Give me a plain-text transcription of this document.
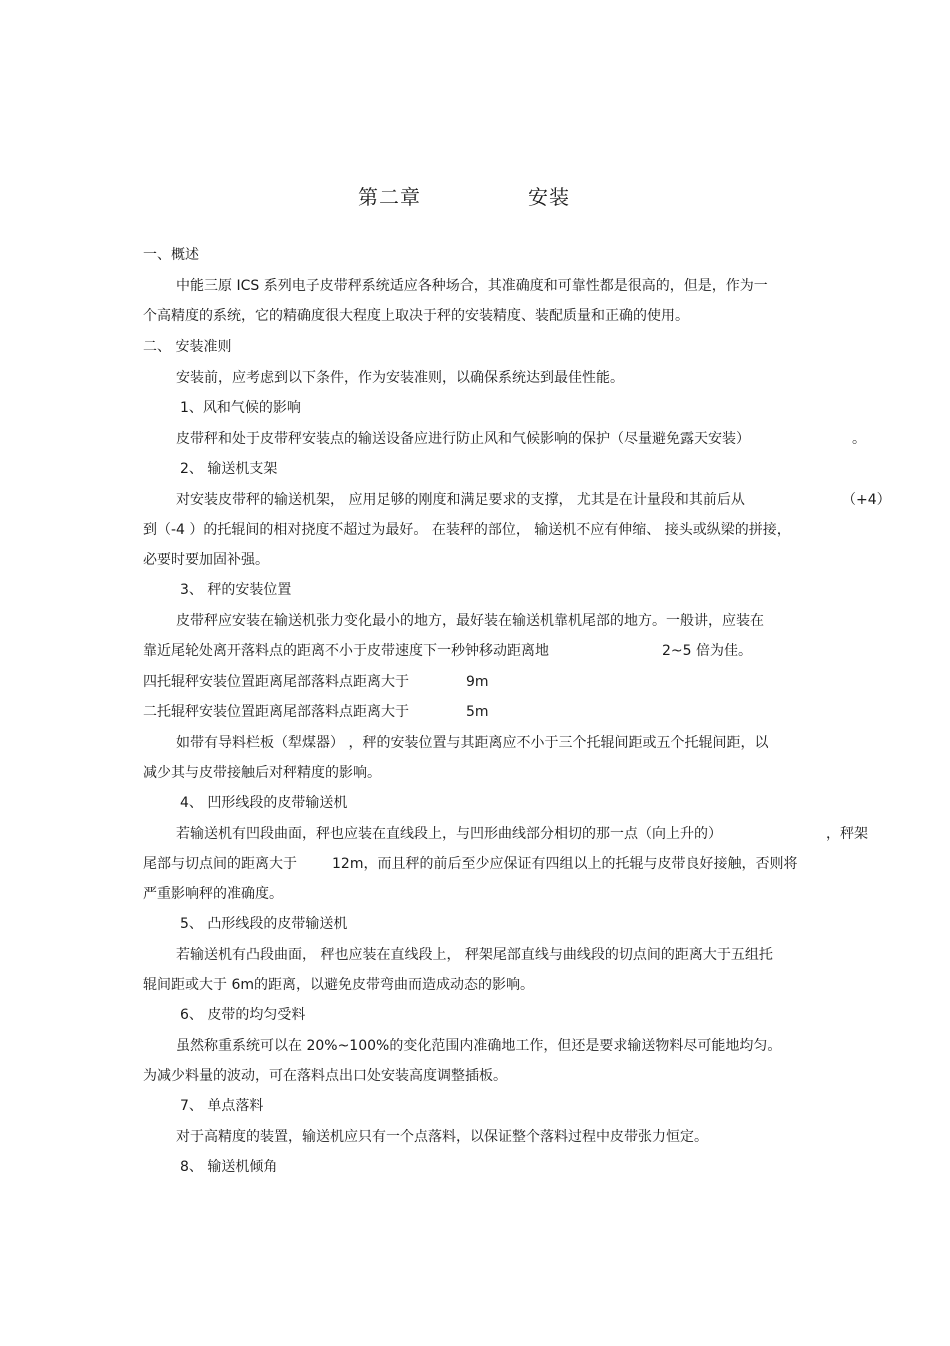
第二章	安装
一、概述
中能三原 ICS 系列电子皮带秤系统适应各种场合，其准确度和可靠性都是很高的，但是，作为一
个高精度的系统，它的精确度很大程度上取决于秤的安装精度、装配质量和正确的使用。
二、 安装准则
安装前，应考虑到以下条件，作为安装准则，以确保系统达到最佳性能。
1、风和气候的影响
皮带秤和处于皮带秤安装点的输送设备应进行防止风和气候影响的保护（尽量避免露天安装）	。
2、 输送机支架
对安装皮带秤的输送机架， 应用足够的刚度和满足要求的支撑， 尤其是在计量段和其前后从	（+4）
到（-4 ）的托辊间的相对挠度不超过为最好。 在装秤的部位， 输送机不应有伸缩、 接头或纵梁的拼接，
必要时要加固补强。
3、 秤的安装位置
皮带秤应安装在输送机张力变化最小的地方，最好装在输送机靠机尾部的地方。一般讲，应装在
靠近尾轮处离开落料点的距离不小于皮带速度下一秒钟移动距离地	2~5 倍为佳。
四托辊秤安装位置距离尾部落料点距离大于	9m
二托辊秤安装位置距离尾部落料点距离大于	5m
如带有导料栏板（犁煤器） ，秤的安装位置与其距离应不小于三个托辊间距或五个托辊间距，以
减少其与皮带接触后对秤精度的影响。
4、 凹形线段的皮带输送机
若输送机有凹段曲面，秤也应装在直线段上，与凹形曲线部分相切的那一点（向上升的）	，秤架
尾部与切点间的距离大于	12m，而且秤的前后至少应保证有四组以上的托辊与皮带良好接触，否则将
严重影响秤的准确度。
5、 凸形线段的皮带输送机
若输送机有凸段曲面， 秤也应装在直线段上， 秤架尾部直线与曲线段的切点间的距离大于五组托
辊间距或大于 6m的距离，以避免皮带弯曲而造成动态的影响。
6、 皮带的均匀受料
虽然称重系统可以在 20%~100%的变化范围内准确地工作，但还是要求输送物料尽可能地均匀。
为减少料量的波动，可在落料点出口处安装高度调整插板。
7、 单点落料
对于高精度的装置，输送机应只有一个点落料，以保证整个落料过程中皮带张力恒定。
8、 输送机倾角
